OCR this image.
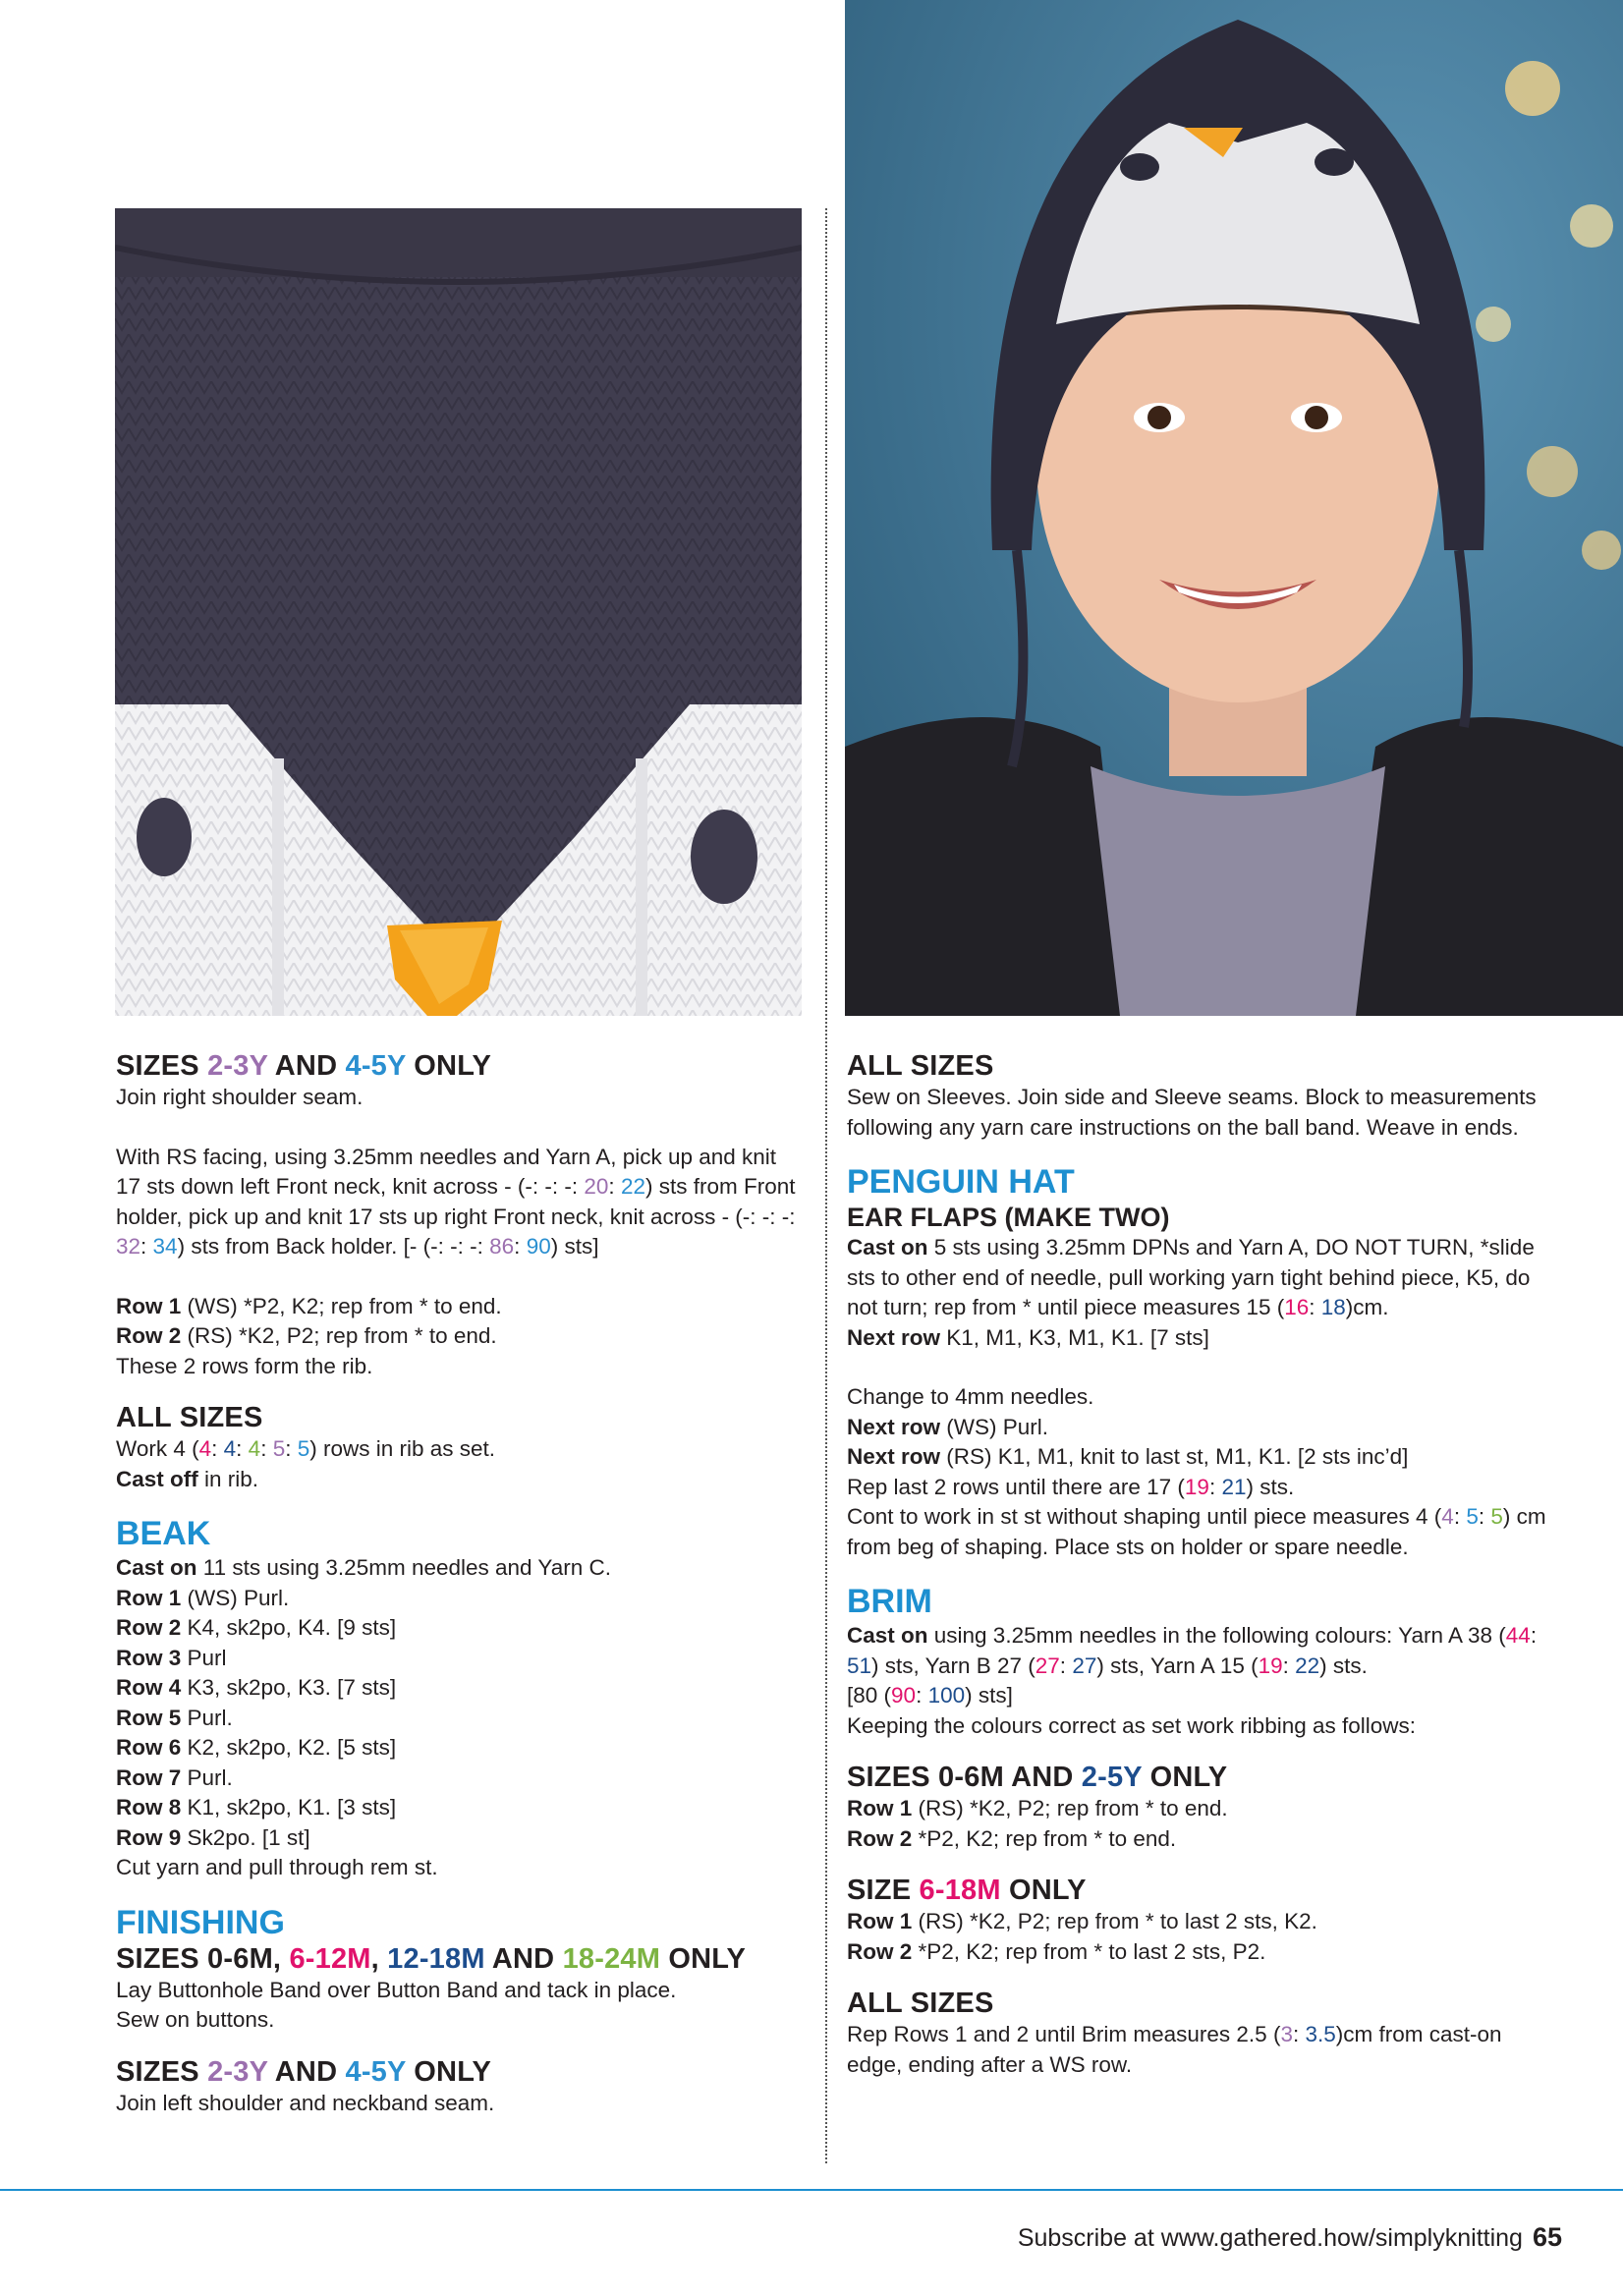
SIZES 2-3Y AND 4-5Y ONLY

Join right shoulder seam.

With RS facing, using 3.25mm needles and Yarn A, pick up and knit 17 sts down left Front neck, knit across - (-: -: -: 20: 22) sts from Front holder, pick up and knit 17 sts up right Front neck, knit across - (-: -: -: 32: 34) sts from Back holder. [- (-: -: -: 86: 90) sts]

Row 1 (WS) *P2, K2; rep from * to end.

Row 2 (RS) *K2, P2; rep from * to end.

These 2 rows form the rib.

ALL SIZES

Work 4 (4: 4: 4: 5: 5) rows in rib as set.

Cast off in rib.

BEAK

Cast on 11 sts using 3.25mm needles and Yarn C.

Row 1 (WS) Purl.

Row 2 K4, sk2po, K4. [9 sts]

Row 3 Purl

Row 4 K3, sk2po, K3. [7 sts]

Row 5 Purl.

Row 6 K2, sk2po, K2. [5 sts]

Row 7 Purl.

Row 8 K1, sk2po, K1. [3 sts]

Row 9 Sk2po. [1 st]

Cut yarn and pull through rem st.

FINISHING

SIZES 0-6M, 6-12M, 12-18M AND 18-24M ONLY

Lay Buttonhole Band over Button Band and tack in place.

Sew on buttons.

SIZES 2-3Y AND 4-5Y ONLY

Join left shoulder and neckband seam.

ALL SIZES

Sew on Sleeves. Join side and Sleeve seams. Block to measurements following any yarn care instructions on the ball band. Weave in ends.

PENGUIN HAT

EAR FLAPS (MAKE TWO)

Cast on 5 sts using 3.25mm DPNs and Yarn A, DO NOT TURN, *slide sts to other end of needle, pull working yarn tight behind piece, K5, do not turn; rep from * until piece measures 15 (16: 18)cm.

Next row K1, M1, K3, M1, K1. [7 sts]

Change to 4mm needles.

Next row (WS) Purl.

Next row (RS) K1, M1, knit to last st, M1, K1. [2 sts inc’d]

Rep last 2 rows until there are 17 (19: 21) sts.

Cont to work in st st without shaping until piece measures 4 (4: 5: 5) cm from beg of shaping. Place sts on holder or spare needle.

BRIM

Cast on using 3.25mm needles in the following colours: Yarn A 38 (44: 51) sts, Yarn B 27 (27: 27) sts, Yarn A 15 (19: 22) sts.

[80 (90: 100) sts]

Keeping the colours correct as set work ribbing as follows:

SIZES 0-6M AND 2-5Y ONLY

Row 1 (RS) *K2, P2; rep from * to end.

Row 2 *P2, K2; rep from * to end.

SIZE 6-18M ONLY

Row 1 (RS) *K2, P2; rep from * to last 2 sts, K2.

Row 2 *P2, K2; rep from * to last 2 sts, P2.

ALL SIZES

Rep Rows 1 and 2 until Brim measures 2.5 (3: 3.5)cm from cast-on edge, ending after a WS row.

Subscribe at www.gathered.how/simplyknitting 65
